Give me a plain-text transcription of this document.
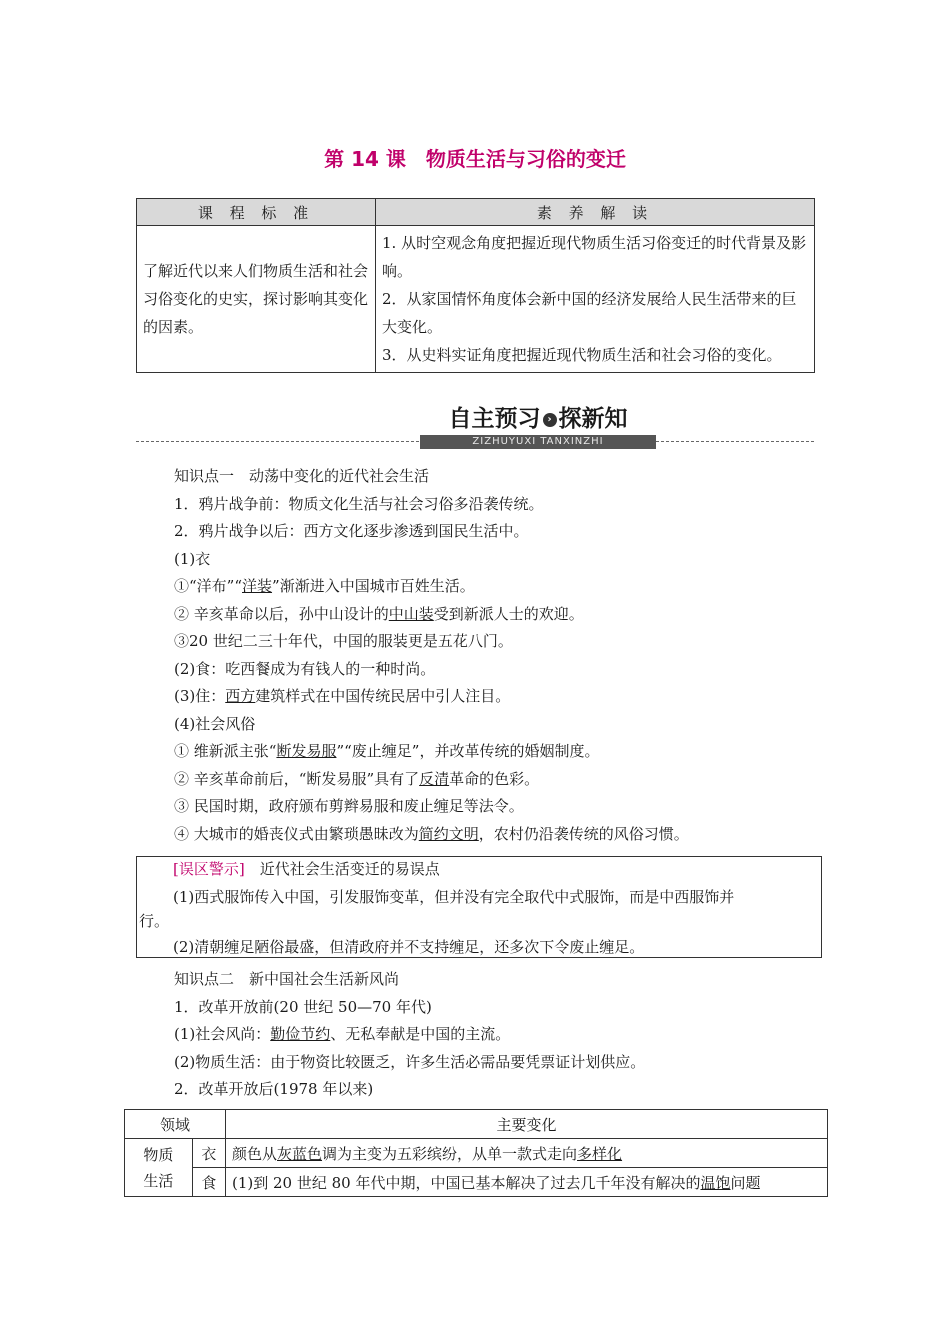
第 14 课　物质生活与习俗的变迁
课 程 标 准	素 养 解 读
了解近代以来人们物质生活和社会习俗变化的史实，探讨影响其变化的因素。	1. 从时空观念角度把握近现代物质生活习俗变迁的时代背景及影响。
2．从家国情怀角度体会新中国的经济发展给人民生活带来的巨大变化。
3．从史料实证角度把握近现代物质生活和社会习俗的变化。
自主预习 › 探新知
ZIZHUYUXI TANXINZHI
知识点一　动荡中变化的近代社会生活
1．鸦片战争前：物质文化生活与社会习俗多沿袭传统。
2．鸦片战争以后：西方文化逐步渗透到国民生活中。
(1)衣
①“洋布”“洋装”渐渐进入中国城市百姓生活。
② 辛亥革命以后，孙中山设计的中山装受到新派人士的欢迎。
③20 世纪二三十年代，中国的服装更是五花八门。
(2)食：吃西餐成为有钱人的一种时尚。
(3)住：西方建筑样式在中国传统民居中引人注目。
(4)社会风俗
① 维新派主张“断发易服”“废止缠足”，并改革传统的婚姻制度。
② 辛亥革命前后，“断发易服”具有了反清革命的色彩。
③ 民国时期，政府颁布剪辫易服和废止缠足等法令。
④ 大城市的婚丧仪式由繁琐愚昧改为简约文明，农村仍沿袭传统的风俗习惯。
[误区警示]　近代社会生活变迁的易误点
(1)西式服饰传入中国，引发服饰变革，但并没有完全取代中式服饰，而是中西服饰并
行。
(2)清朝缠足陋俗最盛，但清政府并不支持缠足，还多次下令废止缠足。
知识点二　新中国社会生活新风尚
1．改革开放前(20 世纪 50—70 年代)
(1)社会风尚：勤俭节约、无私奉献是中国的主流。
(2)物质生活：由于物资比较匮乏，许多生活必需品要凭票证计划供应。
2．改革开放后(1978 年以来)
领域		主要变化

物质
生活	衣	颜色从灰蓝色调为主变为五彩缤纷，从单一款式走向多样化
	食	(1)到 20 世纪 80 年代中期，中国已基本解决了过去几千年没有解决的温饱问题
